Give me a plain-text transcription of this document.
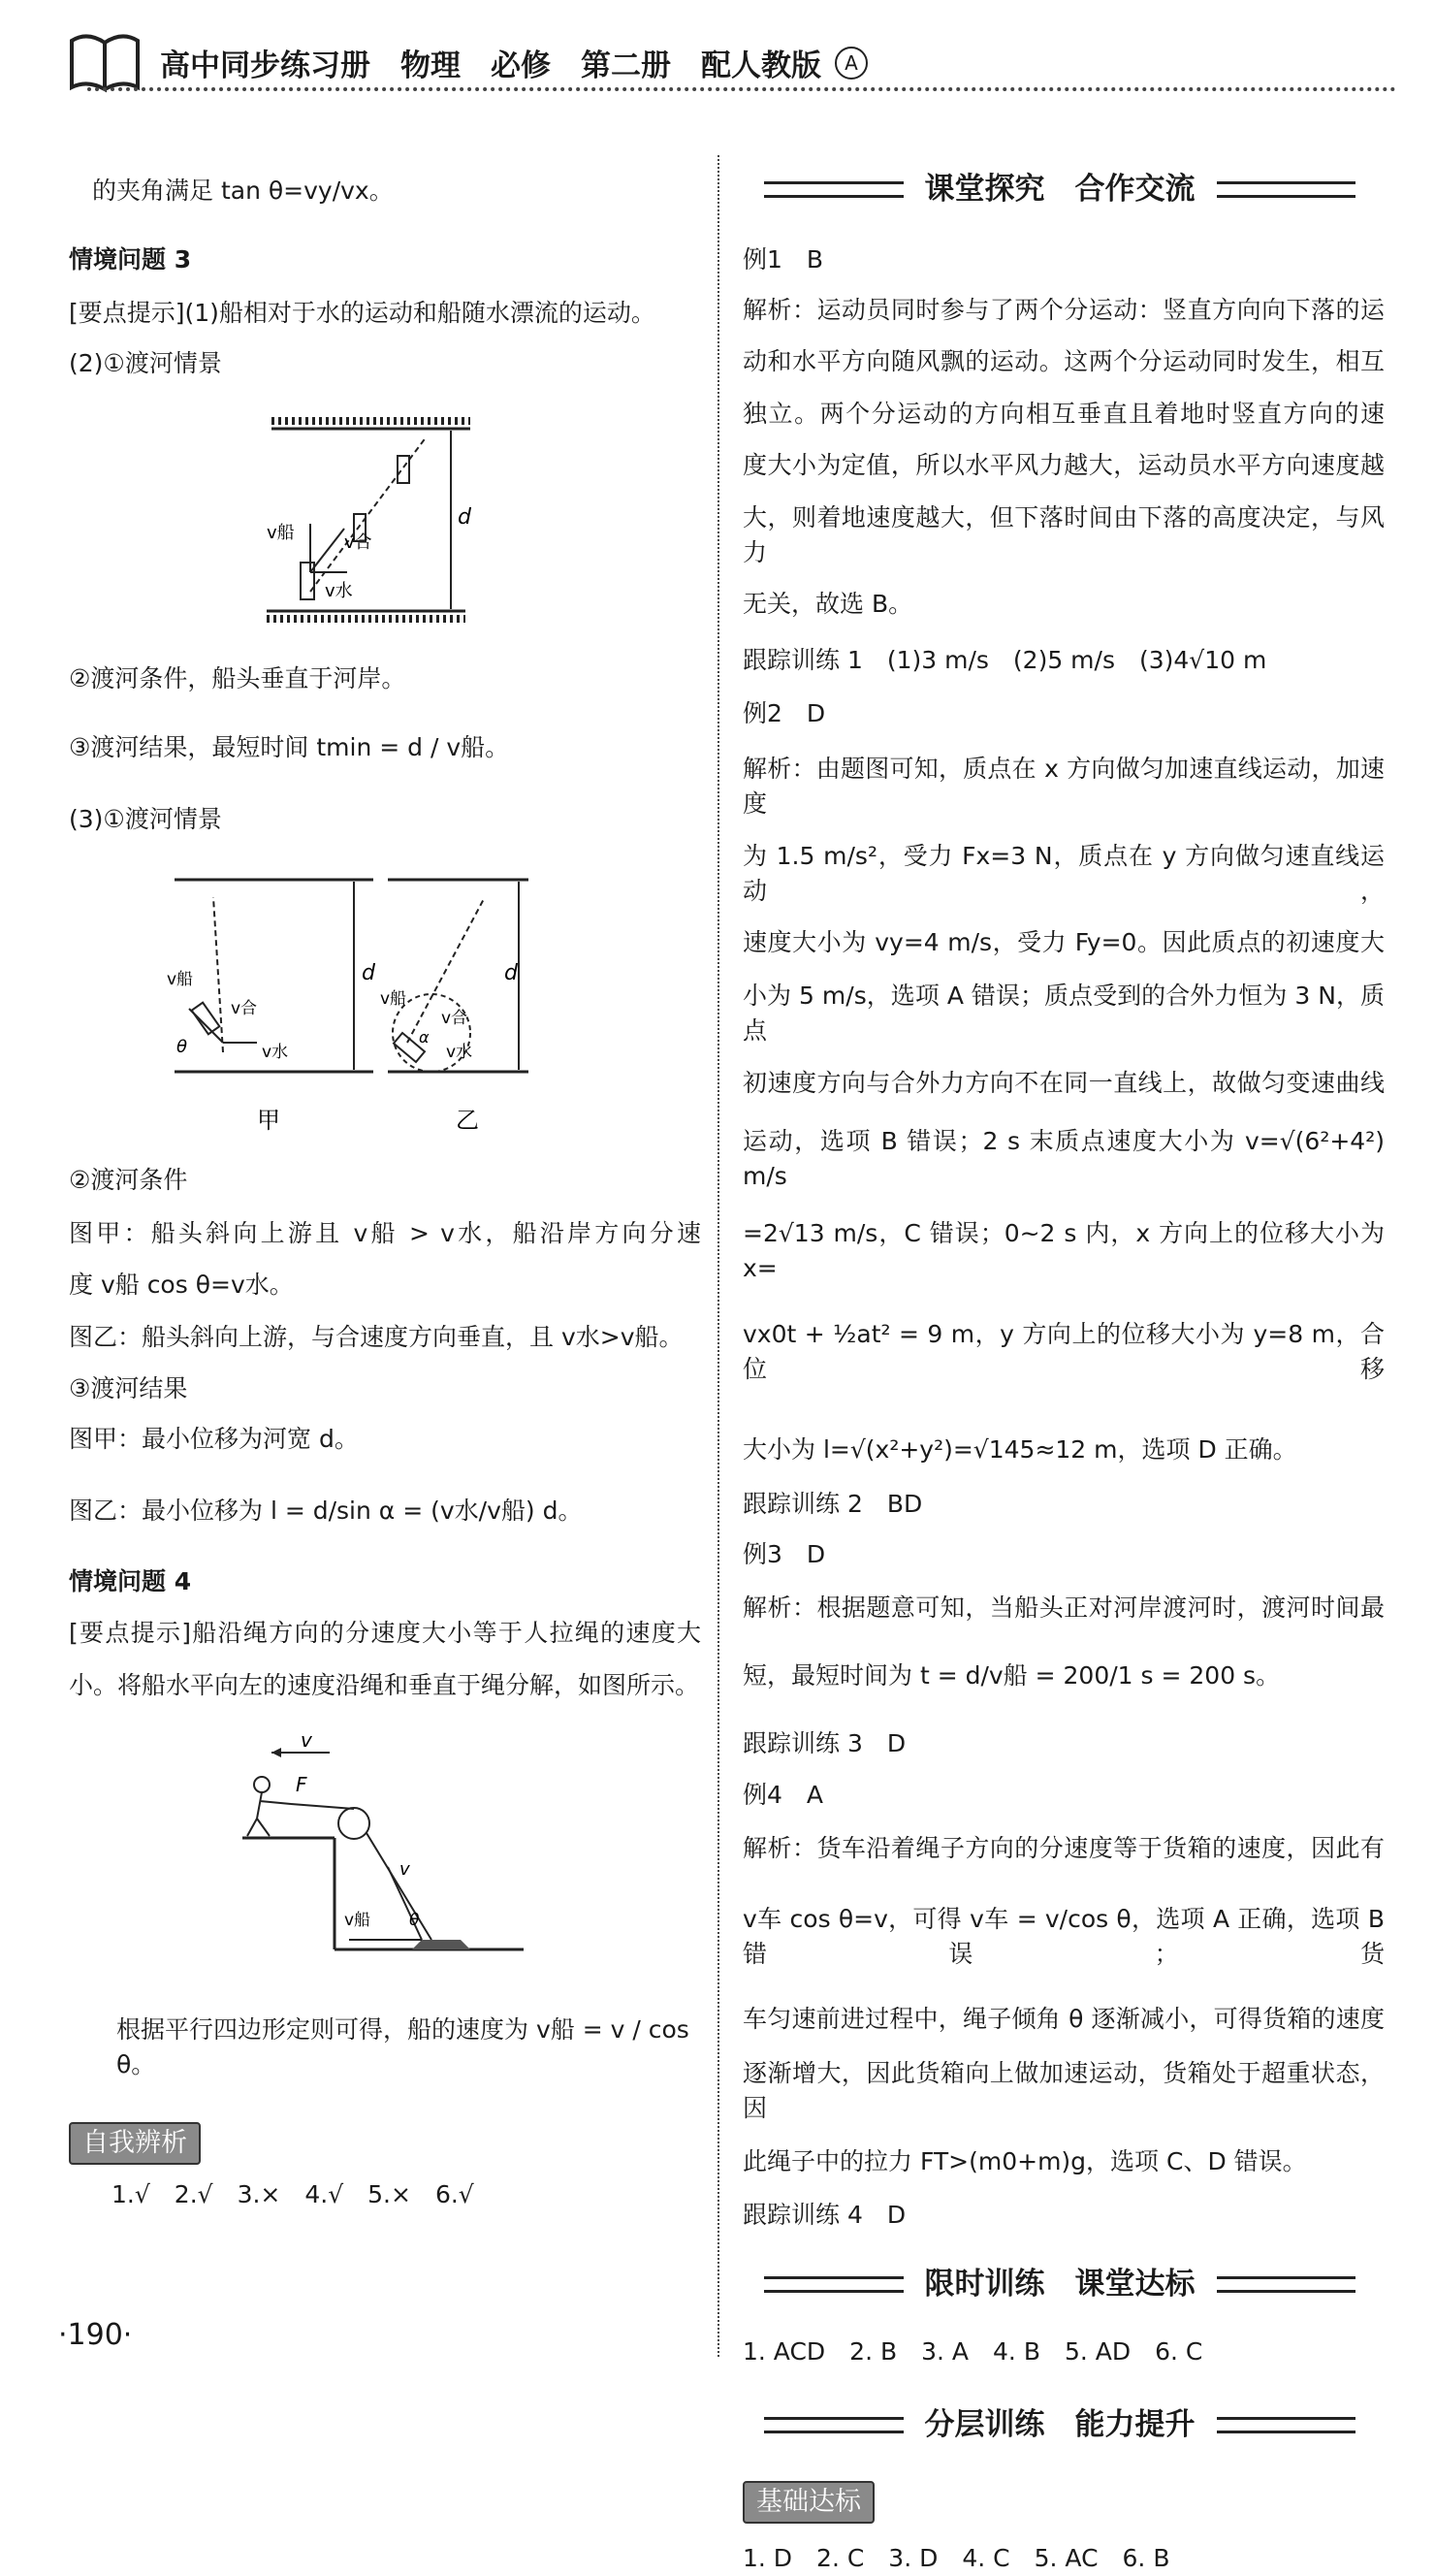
高中同步练习册　物理　必修　第二册　配人教版	A
的夹角满足 tan θ=vy/vx。
情境问题 3
[要点提示](1)船相对于水的运动和船随水漂流的运动。
(2)①渡河情景
d
v船	v合
v水
②渡河条件，船头垂直于河岸。
③渡河结果，最短时间 tmin = d / v船。
(3)①渡河情景
d	d
v船
v合
v水
θ
v船
v合
v水
α
甲	乙
②渡河条件
图甲：船头斜向上游且 v船 > v水，船沿岸方向分速
度 v船 cos θ=v水。
图乙：船头斜向上游，与合速度方向垂直，且 v水>v船。
③渡河结果
图甲：最小位移为河宽 d。
图乙：最小位移为 l = d/sin α = (v水/v船) d。
情境问题 4
[要点提示]船沿绳方向的分速度大小等于人拉绳的速度大
小。将船水平向左的速度沿绳和垂直于绳分解，如图所示。
v
F
v
v船 θ
根据平行四边形定则可得，船的速度为 v船 = v / cos θ。
自我辨析
1.√　2.√　3.×　4.√　5.×　6.√
·190·
课堂探究　合作交流
例1　B
解析：运动员同时参与了两个分运动：竖直方向向下落的运
动和水平方向随风飘的运动。这两个分运动同时发生，相互
独立。两个分运动的方向相互垂直且着地时竖直方向的速
度大小为定值，所以水平风力越大，运动员水平方向速度越
大，则着地速度越大，但下落时间由下落的高度决定，与风力
无关，故选 B。
跟踪训练 1　(1)3 m/s　(2)5 m/s　(3)4√10 m
例2　D
解析：由题图可知，质点在 x 方向做匀加速直线运动，加速度
为 1.5 m/s²，受力 Fx=3 N，质点在 y 方向做匀速直线运动，
速度大小为 vy=4 m/s，受力 Fy=0。因此质点的初速度大
小为 5 m/s，选项 A 错误；质点受到的合外力恒为 3 N，质点
初速度方向与合外力方向不在同一直线上，故做匀变速曲线
运动，选项 B 错误；2 s 末质点速度大小为 v=√(6²+4²) m/s
=2√13 m/s，C 错误；0~2 s 内，x 方向上的位移大小为 x=
vx0t + ½at² = 9 m，y 方向上的位移大小为 y=8 m，合位移
大小为 l=√(x²+y²)=√145≈12 m，选项 D 正确。
跟踪训练 2　BD
例3　D
解析：根据题意可知，当船头正对河岸渡河时，渡河时间最
短，最短时间为 t = d/v船 = 200/1 s = 200 s。
跟踪训练 3　D
例4　A
解析：货车沿着绳子方向的分速度等于货箱的速度，因此有
v车 cos θ=v，可得 v车 = v/cos θ，选项 A 正确，选项 B 错误；货
车匀速前进过程中，绳子倾角 θ 逐渐减小，可得货箱的速度
逐渐增大，因此货箱向上做加速运动，货箱处于超重状态，因
此绳子中的拉力 FT>(m0+m)g，选项 C、D 错误。
跟踪训练 4　D
限时训练　课堂达标
1. ACD　2. B　3. A　4. B　5. AD　6. C
分层训练　能力提升
基础达标
1. D　2. C　3. D　4. C　5. AC　6. B
